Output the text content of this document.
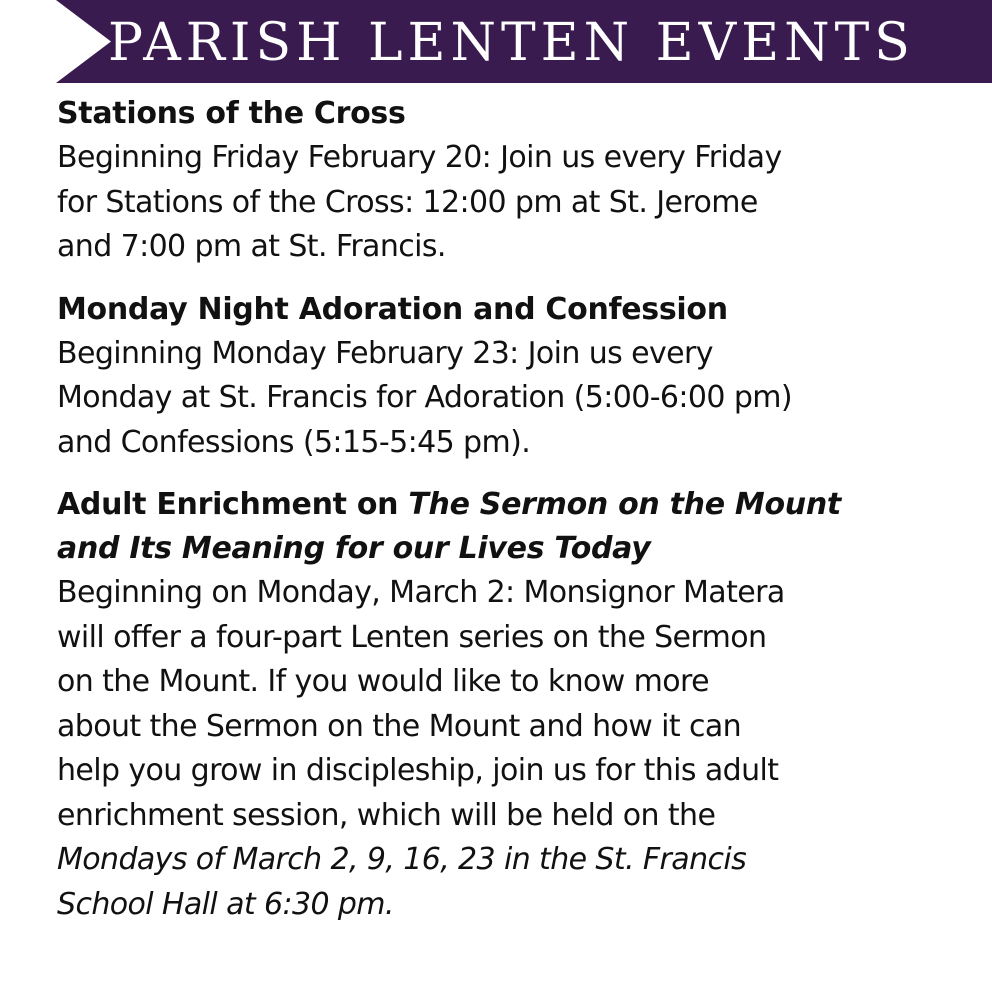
PARISH LENTEN EVENTS
Stations of the Cross

Beginning Friday February 20: Join us every Friday
for Stations of the Cross: 12:00 pm at St. Jerome
and 7:00 pm at St. Francis.

Monday Night Adoration and Confession

Beginning Monday February 23: Join us every
Monday at St. Francis for Adoration (5:00-6:00 pm)
and Confessions (5:15-5:45 pm).

Adult Enrichment on The Sermon on the Mount
and Its Meaning for our Lives Today

Beginning on Monday, March 2: Monsignor Matera
will offer a four-part Lenten series on the Sermon
on the Mount. If you would like to know more
about the Sermon on the Mount and how it can
help you grow in discipleship, join us for this adult
enrichment session, which will be held on the
Mondays of March 2, 9, 16, 23 in the St. Francis
School Hall at 6:30 pm.
